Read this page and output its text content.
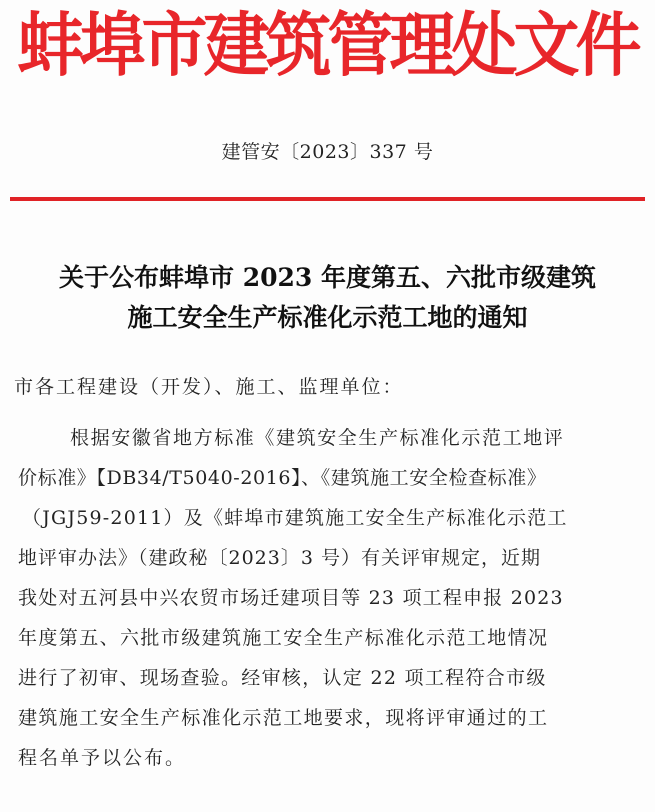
蚌埠市建筑管理处文件
建管安〔2023〕337 号
关于公布蚌埠市 2023 年度第五、六批市级建筑
施工安全生产标准化示范工地的通知
市各工程建设（开发）、施工、监理单位：
根据安徽省地方标准《建筑安全生产标准化示范工地评
价标准》【DB34/T5040-2016】、《建筑施工安全检查标准》
（JGJ59-2011）及《蚌埠市建筑施工安全生产标准化示范工
地评审办法》（建政秘〔2023〕3 号）有关评审规定，近期
我处对五河县中兴农贸市场迁建项目等 23 项工程申报 2023
年度第五、六批市级建筑施工安全生产标准化示范工地情况
进行了初审、现场查验。经审核，认定 22 项工程符合市级
建筑施工安全生产标准化示范工地要求，现将评审通过的工
程名单予以公布。
